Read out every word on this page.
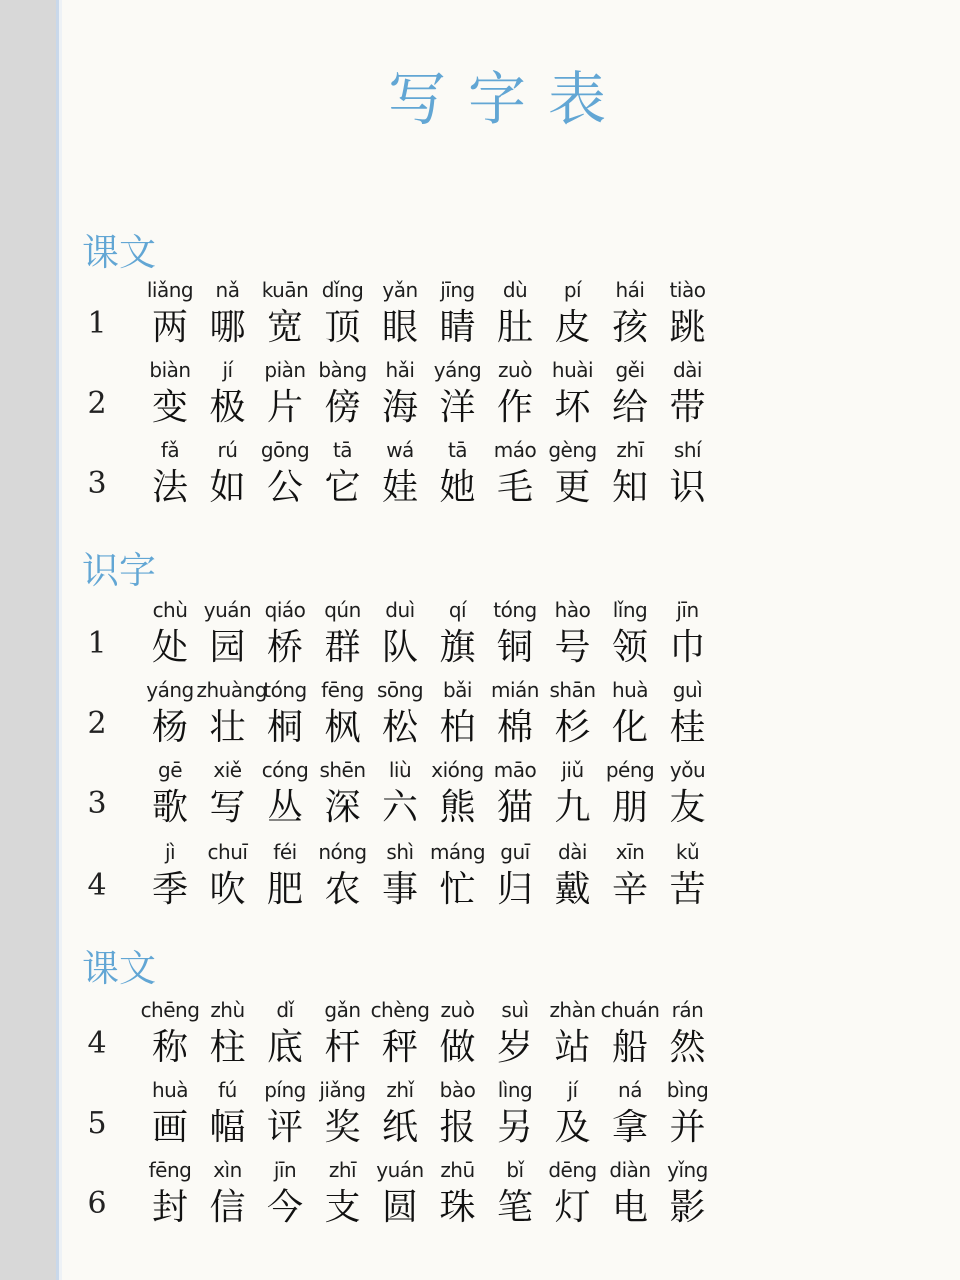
写字表
课文
1
liǎng
两
nǎ
哪
kuān
宽
dǐng
顶
yǎn
眼
jīng
睛
dù
肚
pí
皮
hái
孩
tiào
跳
2
biàn
变
jí
极
piàn
片
bàng
傍
hǎi
海
yáng
洋
zuò
作
huài
坏
gěi
给
dài
带
3
fǎ
法
rú
如
gōng
公
tā
它
wá
娃
tā
她
máo
毛
gèng
更
zhī
知
shí
识
识字
1
chù
处
yuán
园
qiáo
桥
qún
群
duì
队
qí
旗
tóng
铜
hào
号
lǐng
领
jīn
巾
2
yáng
杨
zhuàng
壮
tóng
桐
fēng
枫
sōng
松
bǎi
柏
mián
棉
shān
杉
huà
化
guì
桂
3
gē
歌
xiě
写
cóng
丛
shēn
深
liù
六
xióng
熊
māo
猫
jiǔ
九
péng
朋
yǒu
友
4
jì
季
chuī
吹
féi
肥
nóng
农
shì
事
máng
忙
guī
归
dài
戴
xīn
辛
kǔ
苦
课文
4
chēng
称
zhù
柱
dǐ
底
gǎn
杆
chèng
秤
zuò
做
suì
岁
zhàn
站
chuán
船
rán
然
5
huà
画
fú
幅
píng
评
jiǎng
奖
zhǐ
纸
bào
报
lìng
另
jí
及
ná
拿
bìng
并
6
fēng
封
xìn
信
jīn
今
zhī
支
yuán
圆
zhū
珠
bǐ
笔
dēng
灯
diàn
电
yǐng
影
